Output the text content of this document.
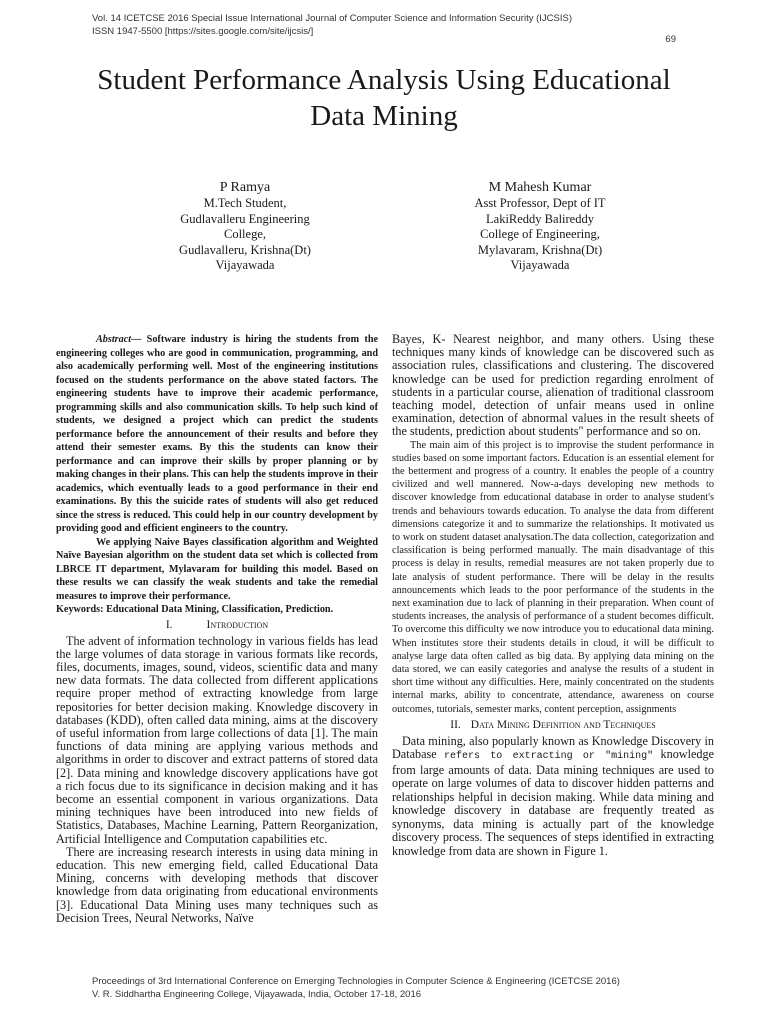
Vol. 14 ICETCSE 2016 Special Issue International Journal of Computer Science and Information Security (IJCSIS)
ISSN 1947-5500 [https://sites.google.com/site/ijcsis/]
69
Student Performance Analysis Using Educational
Data Mining
P Ramya
M.Tech Student,
Gudlavalleru Engineering
College,
Gudlavalleru, Krishna(Dt)
Vijayawada
M Mahesh Kumar
Asst Professor, Dept of IT
LakiReddy Balireddy
College of Engineering,
Mylavaram, Krishna(Dt)
Vijayawada

Abstract— Software industry is hiring the students from the engineering colleges who are good in communication, programming, and also academically performing well. Most of the engineering institutions focused on the students performance on the above stated factors. The engineering students have to improve their academic performance, programming skills and also communication skills. To help such kind of students, we designed a project which can predict the students performance before the announcement of their results and before they attend their semester exams. By this the students can know their performance and can improve their skills by proper planning or by making changes in their plans. This can help the students improve in their academics, which eventually leads to a good performance in their end examinations. By this the suicide rates of students will also get reduced since the stress is reduced. This could help in our country development by providing good and efficient engineers to the country.

We applying Naive Bayes classification algorithm and Weighted Naïve Bayesian algorithm on the student data set which is collected from LBRCE IT department, Mylavaram for building this model. Based on these results we can classify the weak students and take the remedial measures to improve their performance.

Keywords: Educational Data Mining, Classification, Prediction.

I.	Introduction

The advent of information technology in various fields has lead the large volumes of data storage in various formats like records, files, documents, images, sound, videos, scientific data and many new data formats. The data collected from different applications require proper method of extracting knowledge from large repositories for better decision making. Knowledge discovery in databases (KDD), often called data mining, aims at the discovery of useful information from large collections of data [1]. The main functions of data mining are applying various methods and algorithms in order to discover and extract patterns of stored data [2]. Data mining and knowledge discovery applications have got a rich focus due to its significance in decision making and it has become an essential component in various organizations. Data mining techniques have been introduced into new fields of Statistics, Databases, Machine Learning, Pattern Reorganization, Artificial Intelligence and Computation capabilities etc.

There are increasing research interests in using data mining in education. This new emerging field, called Educational Data Mining, concerns with developing methods that discover knowledge from data originating from educational environments [3]. Educational Data Mining uses many techniques such as Decision Trees, Neural Networks, Naïve

Bayes, K- Nearest neighbor, and many others. Using these techniques many kinds of knowledge can be discovered such as association rules, classifications and clustering. The discovered knowledge can be used for prediction regarding enrolment of students in a particular course, alienation of traditional classroom teaching model, detection of unfair means used in online examination, detection of abnormal values in the result sheets of the students, prediction about students" performance and so on.

The main aim of this project is to improvise the student performance in studies based on some important factors. Education is an essential element for the betterment and progress of a country. It enables the people of a country civilized and well mannered. Now-a-days developing new methods to discover knowledge from educational database in order to analyse student's trends and behaviours towards education. To analyse the data from different dimensions categorize it and to summarize the relationships. It motivated us to work on student dataset analysation.The data collection, categorization and classification is being performed manually. The main disadvantage of this process is delay in results, remedial measures are not taken properly due to late analysis of student performance. There will be delay in the results announcements which leads to the poor performance of the students in the next examination due to lack of planning in their preparation. When count of students increases, the analysis of performance of a student becomes difficult. To overcome this difficulty we now introduce you to educational data mining. When institutes store their students details in cloud, it will be difficult to analyse large data often called as big data. By applying data mining on the data stored, we can easily categories and analyse the results of a student in short time without any difficulties. Here, mainly concentrated on the students internal marks, ability to concentrate, attendance, awareness on course outcomes, tutorials, semester marks, content perception, assignments

II. Data Mining Definition and Techniques

Data mining, also popularly known as Knowledge Discovery in Database refers to extracting or "mining" knowledge from large amounts of data. Data mining techniques are used to operate on large volumes of data to discover hidden patterns and relationships helpful in decision making. While data mining and knowledge discovery in database are frequently treated as synonyms, data mining is actually part of the knowledge discovery process. The sequences of steps identified in extracting knowledge from data are shown in Figure 1.

Proceedings of 3rd International Conference on Emerging Technologies in Computer Science & Engineering (ICETCSE 2016)
V. R. Siddhartha Engineering College, Vijayawada, India, October 17-18, 2016
